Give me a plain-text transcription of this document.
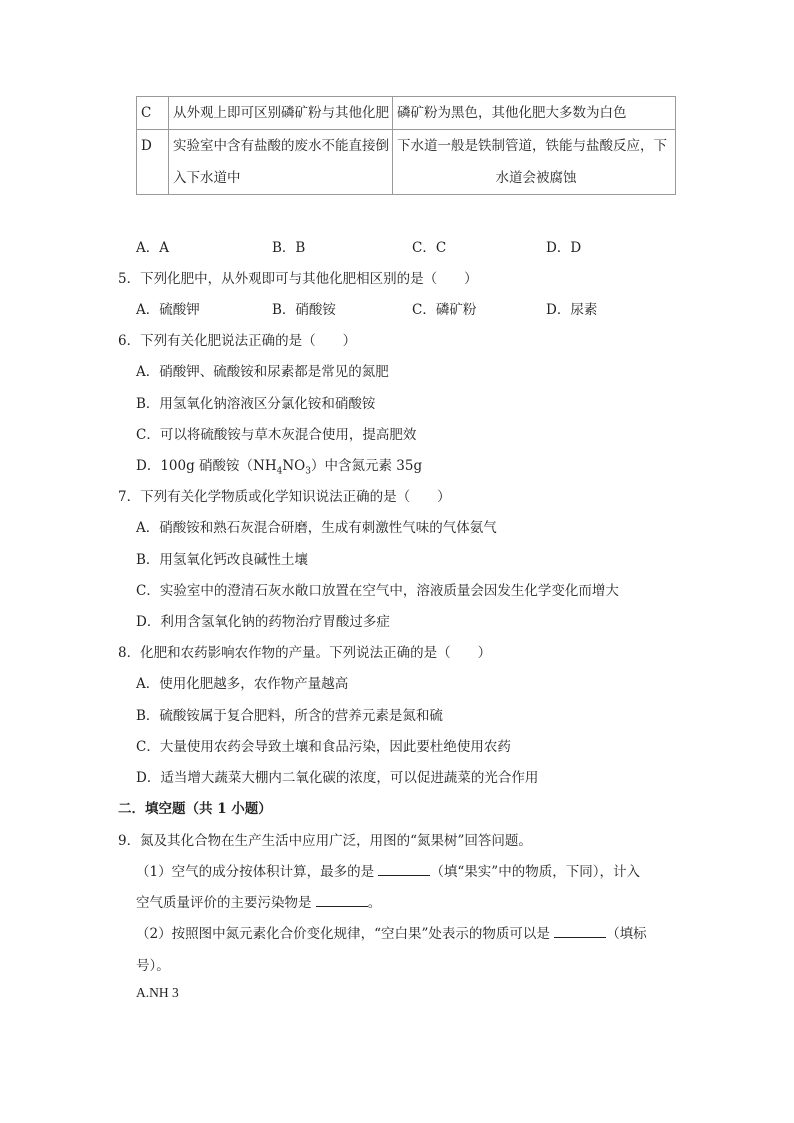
C	从外观上即可区别磷矿粉与其他化肥	磷矿粉为黑色，其他化肥大多数为白色
D	实验室中含有盐酸的废水不能直接倒入下水道中	下水道一般是铁制管道，铁能与盐酸反应，下
水道会被腐蚀
A．A	B．B	C．C	D．D
5．下列化肥中，从外观即可与其他化肥相区别的是（　　）
A．硫酸钾	B．硝酸铵	C．磷矿粉	D．尿素
6．下列有关化肥说法正确的是（　　）
A．硝酸钾、硫酸铵和尿素都是常见的氮肥
B．用氢氧化钠溶液区分氯化铵和硝酸铵
C．可以将硫酸铵与草木灰混合使用，提高肥效
D．100g 硝酸铵$(NH_4NO_3)$中含氮元素 35g
7．下列有关化学物质或化学知识说法正确的是（　　）
A．硝酸铵和熟石灰混合研磨，生成有刺激性气味的气体氨气
B．用氢氧化钙改良碱性土壤
C．实验室中的澄清石灰水敞口放置在空气中，溶液质量会因发生化学变化而增大
D．利用含氢氧化钠的药物治疗胃酸过多症
8．化肥和农药影响农作物的产量。下列说法正确的是（　　）
A．使用化肥越多，农作物产量越高
B．硫酸铵属于复合肥料，所含的营养元素是氮和硫
C．大量使用农药会导致土壤和食品污染，因此要杜绝使用农药
D．适当增大蔬菜大棚内二氧化碳的浓度，可以促进蔬菜的光合作用
二．填空题（共 1 小题）
9．氮及其化合物在生产生活中应用广泛，用图的“氮果树”回答问题。
（1）空气的成分按体积计算，最多的是	（填“果实”中的物质，下同），计入
空气质量评价的主要污染物是	。
（2）按照图中氮元素化合价变化规律，“空白果”处表示的物质可以是	（填标
号）。
A.NH 3
